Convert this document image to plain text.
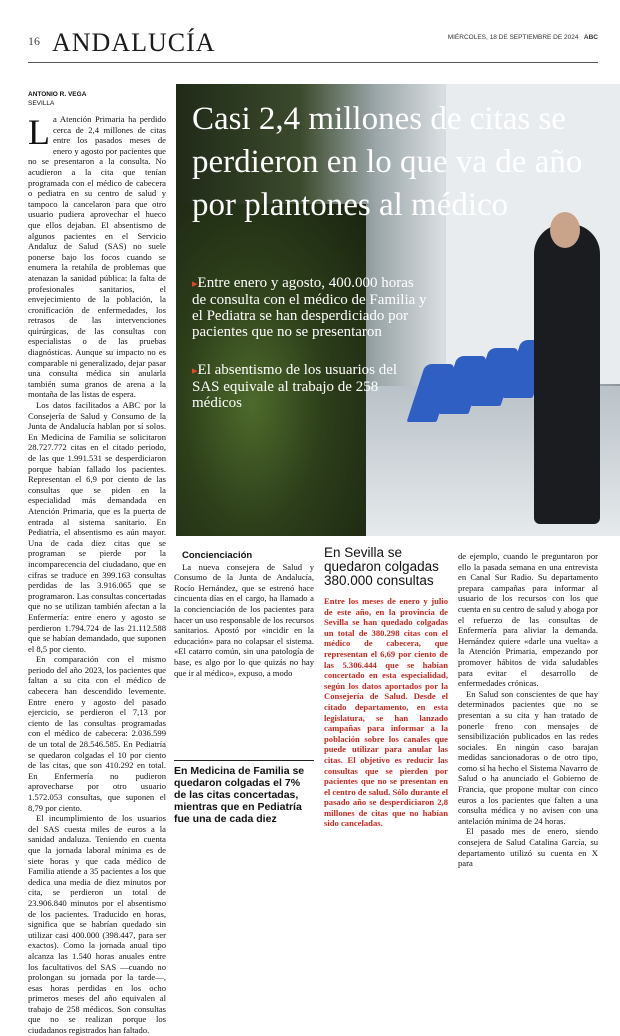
16 ANDALUCÍA	MIÉRCOLES, 18 DE SEPTIEMBRE DE 2024 ABC
ANTONIO R. VEGA
SEVILLA	Casi 2,4 millones de citas se perdieron en lo que va de año por plantones al médico

▸Entre enero y agosto, 400.000 horas de consulta con el médico de Familia y el Pediatra se han desperdiciado por pacientes que no se presentaron

▸El absentismo de los usuarios del SAS equivale al trabajo de 258 médicos

La Atención Primaria ha perdido cerca de 2,4 millones de citas entre los pasados meses de enero y agosto por pacientes que no se presentaron a la consulta. No acudieron a la cita que tenían programada con el médico de cabecera o pediatra en su centro de salud y tampoco la cancelaron para que otro usuario pudiera aprovechar el hueco que ellos dejaban. El absentismo de algunos pacientes en el Servicio Andaluz de Salud (SAS) no suele ponerse bajo los focos cuando se enumera la retahíla de problemas que atenazan la sanidad pública: la falta de profesionales sanitarios, el envejecimiento de la población, la cronificación de enfermedades, los retrasos de las intervenciones quirúrgicas, de las consultas con especialistas o de las pruebas diagnósticas. Aunque su impacto no es comparable ni generalizado, dejar pasar una consulta médica sin anularla también suma granos de arena a la montaña de las listas de espera.

Los datos facilitados a ABC por la Consejería de Salud y Consumo de la Junta de Andalucía hablan por sí solos. En Medicina de Familia se solicitaron 28.727.772 citas en el citado periodo, de las que 1.991.531 se desperdiciaron porque habían fallado los pacientes. Representan el 6,9 por ciento de las consultas que se piden en la especialidad más demandada en Atención Primaria, que es la puerta de entrada al sistema sanitario. En Pediatría, el absentismo es aún mayor. Una de cada diez citas que se programan se pierde por la incomparecencia del ciudadano, que en cifras se traduce en 399.163 consultas perdidas de las 3.916.065 que se programaron. Las consultas concertadas que no se utilizan también afectan a la Enfermería: entre enero y agosto se perdieron 1.794.724 de las 21.112.588 que se habían demandado, que suponen el 8,5 por ciento.

En comparación con el mismo periodo del año 2023, los pacientes que faltan a su cita con el médico de cabecera han descendido levemente. Entre enero y agosto del pasado ejercicio, se perdieron el 7,13 por ciento de las consultas programadas con el médico de cabecera: 2.036.599 de un total de 28.546.585. En Pediatría se quedaron colgadas el 10 por ciento de las citas, que son 410.292 en total. En Enfermería no pudieron aprovecharse por otro usuario 1.572.053 consultas, que suponen el 8,79 por ciento.

El incumplimiento de los usuarios del SAS cuesta miles de euros a la sanidad andaluza. Teniendo en cuenta que la jornada laboral mínima es de siete horas y que cada médico de Familia atiende a 35 pacientes a los que dedica una media de diez minutos por cita, se perdieron un total de 23.906.840 minutos por el absentismo de los pacientes. Traducido en horas, significa que se habrían quedado sin utilizar casi 400.000 (398.447, para ser exactos). Como la jornada anual tipo alcanza las 1.540 horas anuales entre los facultativos del SAS —cuando no prolongan su jornada por la tarde—, esas horas perdidas en los ocho primeros meses del año equivalen al trabajo de 258 médicos. Son consultas que no se realizan porque los ciudadanos registrados han faltado.

Concienciación

La nueva consejera de Salud y Consumo de la Junta de Andalucía, Rocío Hernández, que se estrenó hace cincuenta días en el cargo, ha llamado a la concienciación de los pacientes para hacer un uso responsable de los recursos sanitarios. Apostó por «incidir en la educación» para no colapsar el sistema. «El catarro común, sin una patología de base, es algo por lo que quizás no hay que ir al médico», expuso, a modo

En Medicina de Familia se quedaron colgadas el 7% de las citas concertadas, mientras que en Pediatría fue una de cada diez
En Sevilla se quedaron colgadas 380.000 consultas

Entre los meses de enero y julio de este año, en la provincia de Sevilla se han quedado colgadas un total de 380.298 citas con el médico de cabecera, que representan el 6,69 por ciento de las 5.306.444 que se habían concertado en esta especialidad, según los datos aportados por la Consejería de Salud. Desde el citado departamento, en esta legislatura, se han lanzado campañas para informar a la población sobre los canales que puede utilizar para anular las citas. El objetivo es reducir las consultas que se pierden por pacientes que no se presentan en el centro de salud. Sólo durante el pasado año se desperdiciaron 2,8 millones de citas que no habían sido canceladas.

de ejemplo, cuando le preguntaron por ello la pasada semana en una entrevista en Canal Sur Radio. Su departamento prepara campañas para informar al usuario de los recursos con los que cuenta en su centro de salud y aboga por el refuerzo de las consultas de Enfermería para aliviar la demanda. Hernández quiere «darle una vuelta» a la Atención Primaria, empezando por promover hábitos de vida saludables para evitar el desarrollo de enfermedades crónicas.

En Salud son conscientes de que hay determinados pacientes que no se presentan a su cita y han tratado de ponerle freno con mensajes de sensibilización publicados en las redes sociales. En ningún caso barajan medidas sancionadoras o de otro tipo, como sí ha hecho el Sistema Navarro de Salud o ha anunciado el Gobierno de Francia, que propone multar con cinco euros a los pacientes que falten a una consulta médica y no avisen con una antelación mínima de 24 horas.

El pasado mes de enero, siendo consejera de Salud Catalina García, su departamento utilizó su cuenta en X para
